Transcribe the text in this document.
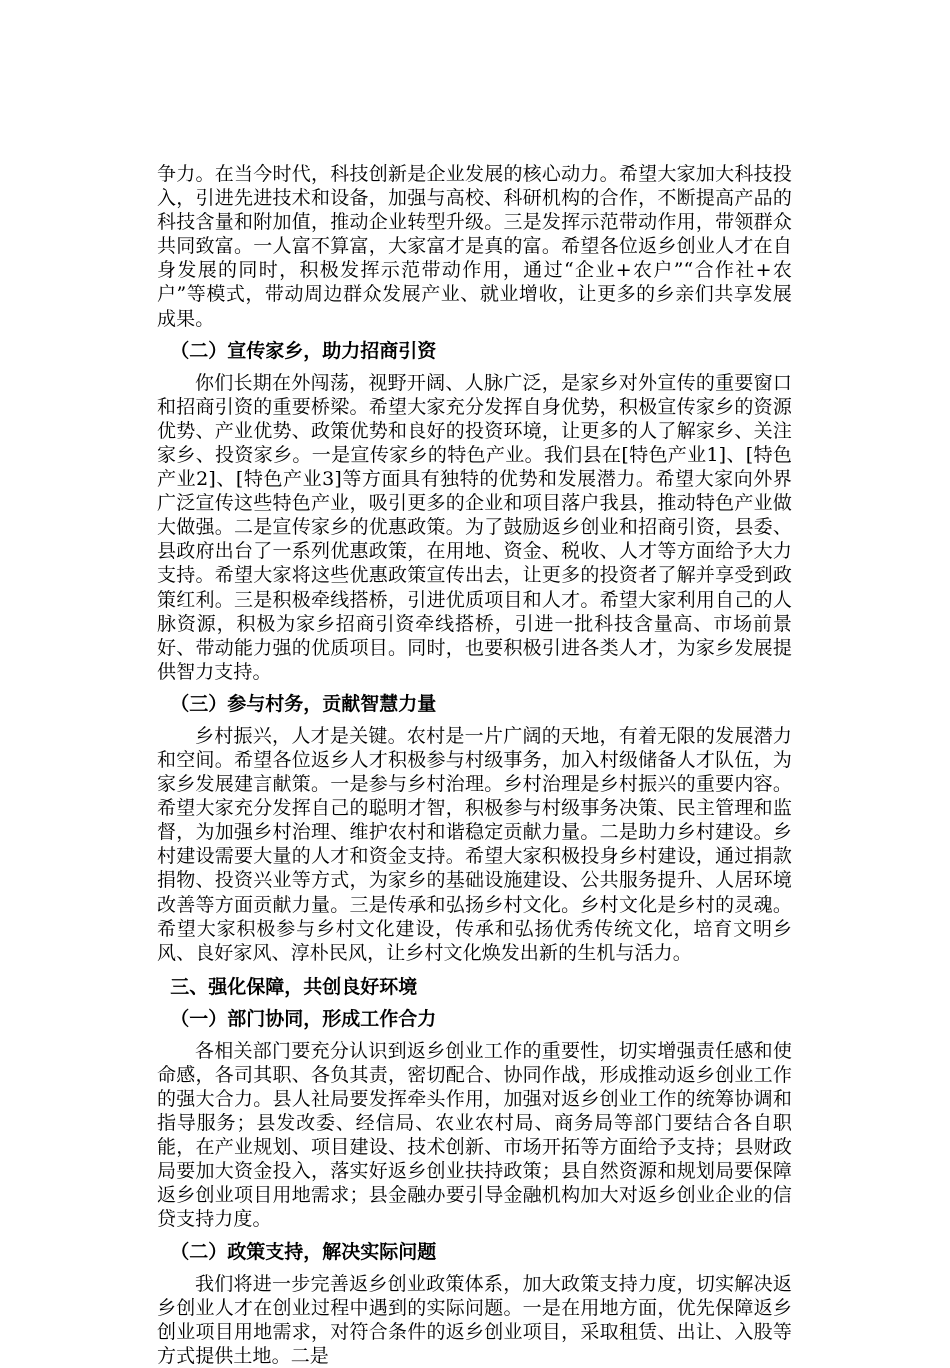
争力。在当今时代，科技创新是企业发展的核心动力。希望大家加大科技投入，引进先进技术和设备，加强与高校、科研机构的合作，不断提高产品的科技含量和附加值，推动企业转型升级。三是发挥示范带动作用，带领群众共同致富。一人富不算富，大家富才是真的富。希望各位返乡创业人才在自身发展的同时，积极发挥示范带动作用，通过“企业+农户”“合作社+农户”等模式，带动周边群众发展产业、就业增收，让更多的乡亲们共享发展成果。

（二）宣传家乡，助力招商引资

你们长期在外闯荡，视野开阔、人脉广泛，是家乡对外宣传的重要窗口和招商引资的重要桥梁。希望大家充分发挥自身优势，积极宣传家乡的资源优势、产业优势、政策优势和良好的投资环境，让更多的人了解家乡、关注家乡、投资家乡。一是宣传家乡的特色产业。我们县在[特色产业1]、[特色产业2]、[特色产业3]等方面具有独特的优势和发展潜力。希望大家向外界广泛宣传这些特色产业，吸引更多的企业和项目落户我县，推动特色产业做大做强。二是宣传家乡的优惠政策。为了鼓励返乡创业和招商引资，县委、县政府出台了一系列优惠政策，在用地、资金、税收、人才等方面给予大力支持。希望大家将这些优惠政策宣传出去，让更多的投资者了解并享受到政策红利。三是积极牵线搭桥，引进优质项目和人才。希望大家利用自己的人脉资源，积极为家乡招商引资牵线搭桥，引进一批科技含量高、市场前景好、带动能力强的优质项目。同时，也要积极引进各类人才，为家乡发展提供智力支持。

（三）参与村务，贡献智慧力量

乡村振兴，人才是关键。农村是一片广阔的天地，有着无限的发展潜力和空间。希望各位返乡人才积极参与村级事务，加入村级储备人才队伍，为家乡发展建言献策。一是参与乡村治理。乡村治理是乡村振兴的重要内容。希望大家充分发挥自己的聪明才智，积极参与村级事务决策、民主管理和监督，为加强乡村治理、维护农村和谐稳定贡献力量。二是助力乡村建设。乡村建设需要大量的人才和资金支持。希望大家积极投身乡村建设，通过捐款捐物、投资兴业等方式，为家乡的基础设施建设、公共服务提升、人居环境改善等方面贡献力量。三是传承和弘扬乡村文化。乡村文化是乡村的灵魂。希望大家积极参与乡村文化建设，传承和弘扬优秀传统文化，培育文明乡风、良好家风、淳朴民风，让乡村文化焕发出新的生机与活力。

三、强化保障，共创良好环境

（一）部门协同，形成工作合力

各相关部门要充分认识到返乡创业工作的重要性，切实增强责任感和使命感，各司其职、各负其责，密切配合、协同作战，形成推动返乡创业工作的强大合力。县人社局要发挥牵头作用，加强对返乡创业工作的统筹协调和指导服务；县发改委、经信局、农业农村局、商务局等部门要结合各自职能，在产业规划、项目建设、技术创新、市场开拓等方面给予支持；县财政局要加大资金投入，落实好返乡创业扶持政策；县自然资源和规划局要保障返乡创业项目用地需求；县金融办要引导金融机构加大对返乡创业企业的信贷支持力度。

（二）政策支持，解决实际问题

我们将进一步完善返乡创业政策体系，加大政策支持力度，切实解决返乡创业人才在创业过程中遇到的实际问题。一是在用地方面，优先保障返乡创业项目用地需求，对符合条件的返乡创业项目，采取租赁、出让、入股等方式提供土地。二是
